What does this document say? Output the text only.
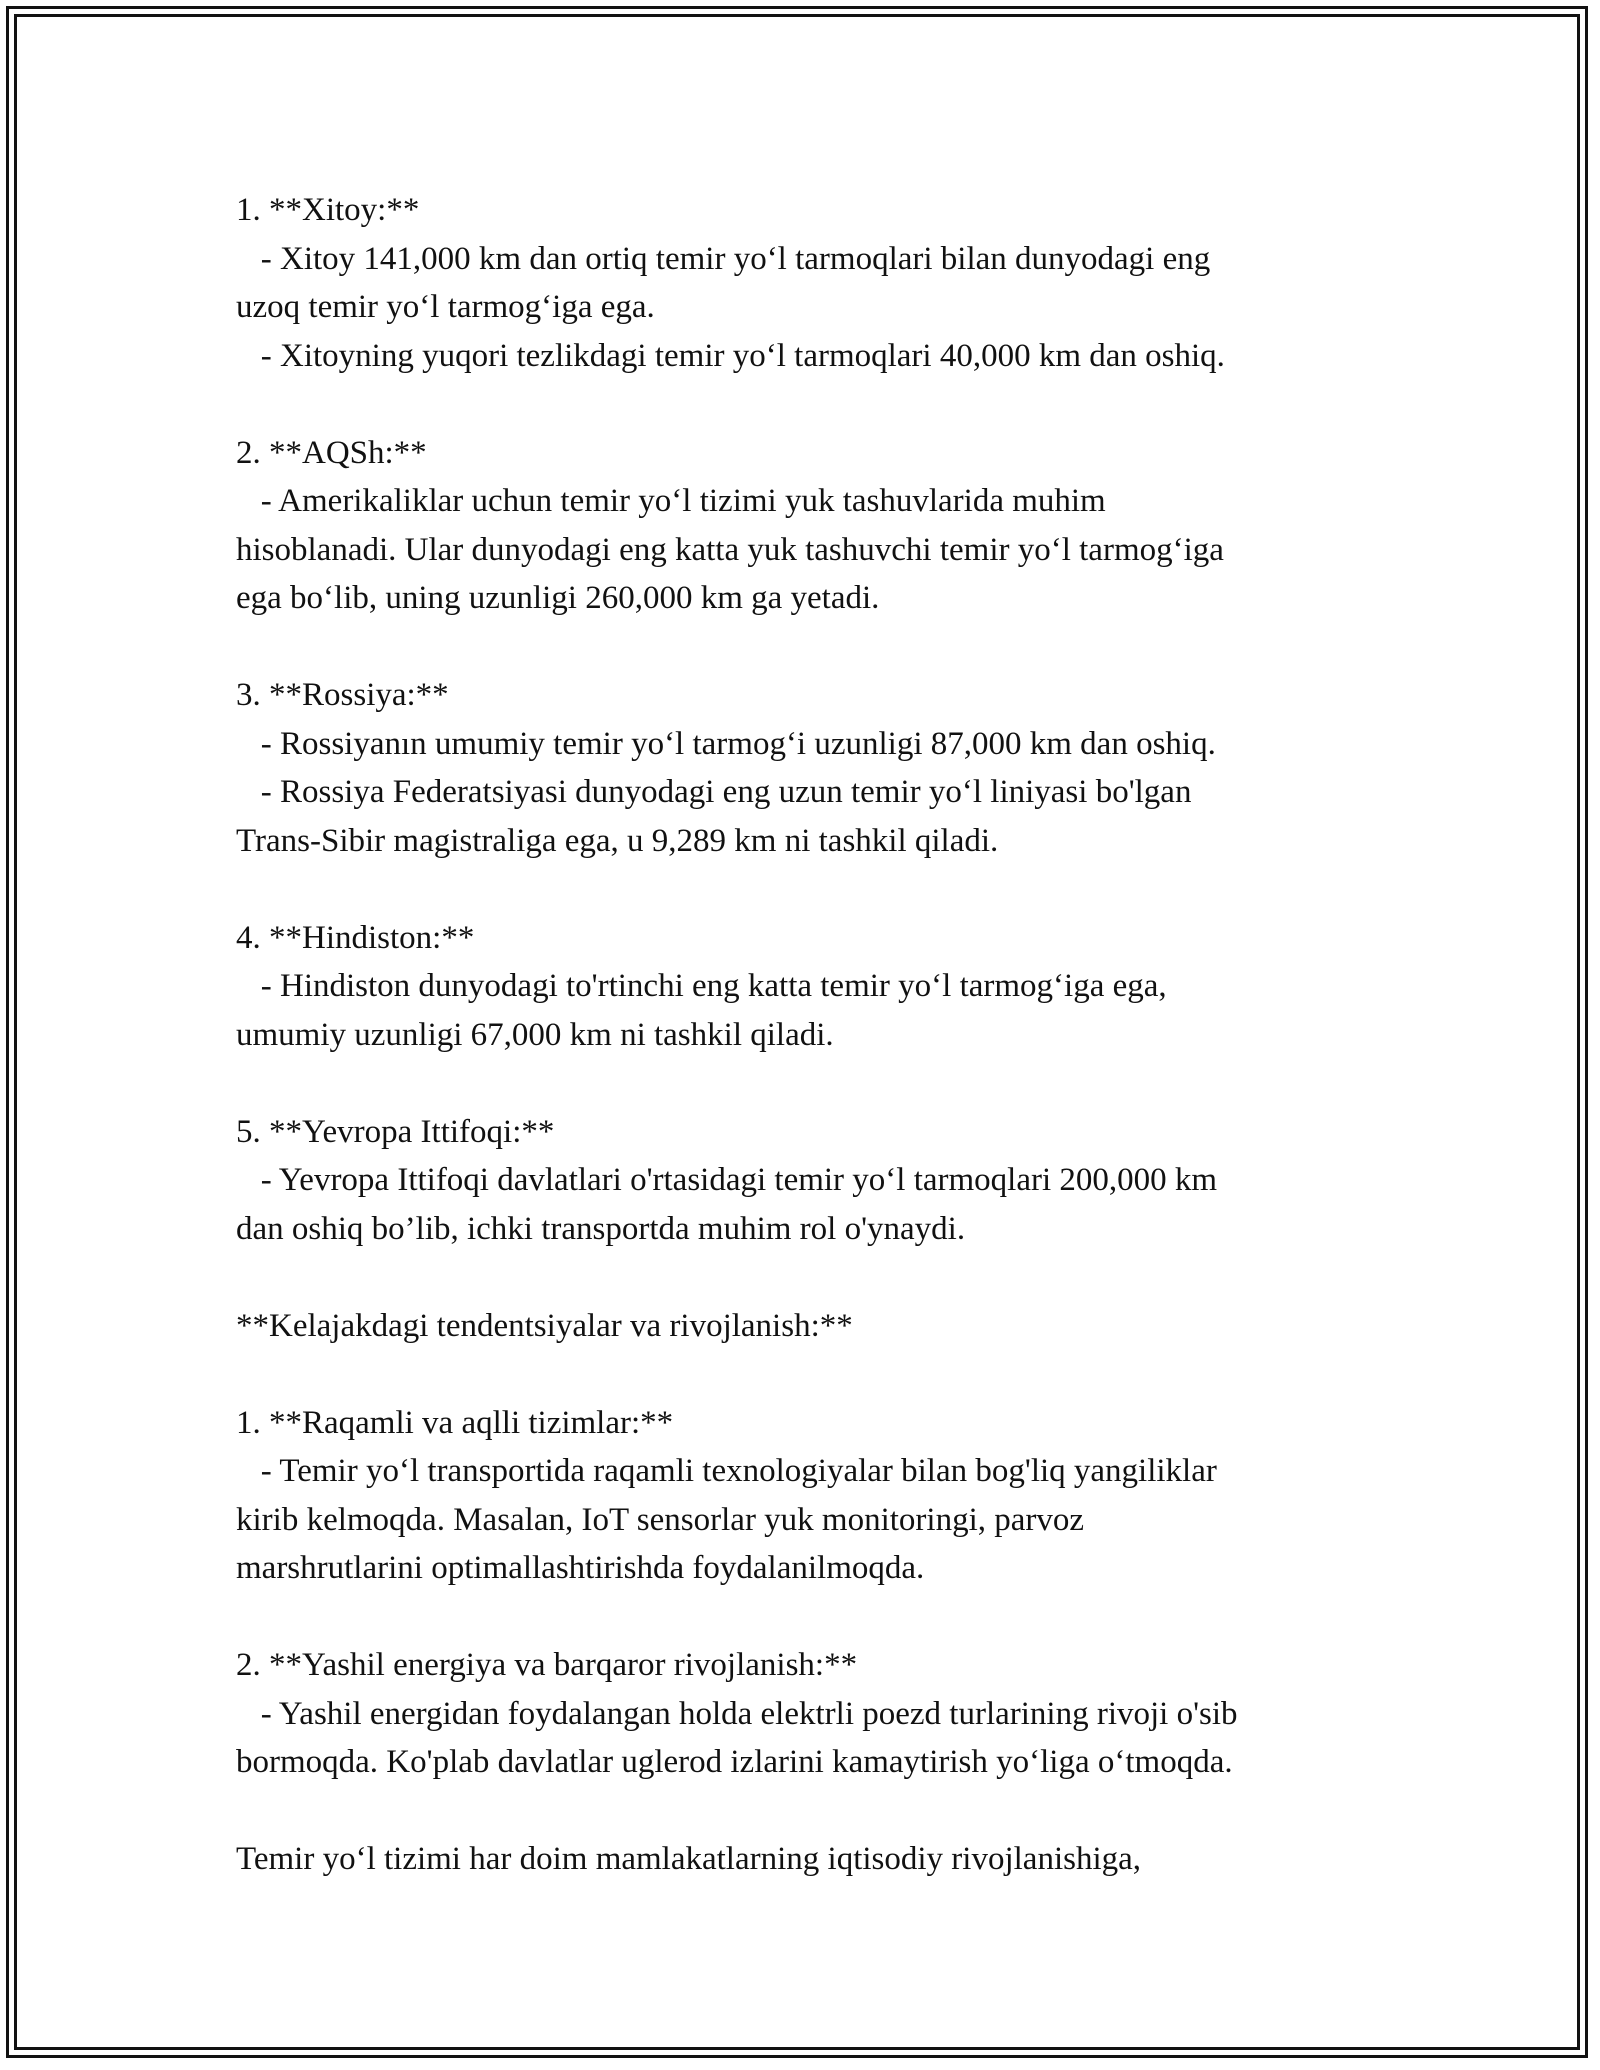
1. **Xitoy:**
- Xitoy 141,000 km dan ortiq temir yo‘l tarmoqlari bilan dunyodagi eng
uzoq temir yo‘l tarmog‘iga ega.
- Xitoyning yuqori tezlikdagi temir yo‘l tarmoqlari 40,000 km dan oshiq.
2. **AQSh:**
- Amerikaliklar uchun temir yo‘l tizimi yuk tashuvlarida muhim
hisoblanadi. Ular dunyodagi eng katta yuk tashuvchi temir yo‘l tarmog‘iga
ega bo‘lib, uning uzunligi 260,000 km ga yetadi.
3. **Rossiya:**
- Rossiyanın umumiy temir yo‘l tarmog‘i uzunligi 87,000 km dan oshiq.
- Rossiya Federatsiyasi dunyodagi eng uzun temir yo‘l liniyasi bo'lgan
Trans-Sibir magistraliga ega, u 9,289 km ni tashkil qiladi.
4. **Hindiston:**
- Hindiston dunyodagi to'rtinchi eng katta temir yo‘l tarmog‘iga ega,
umumiy uzunligi 67,000 km ni tashkil qiladi.
5. **Yevropa Ittifoqi:**
- Yevropa Ittifoqi davlatlari o'rtasidagi temir yo‘l tarmoqlari 200,000 km
dan oshiq bo’lib, ichki transportda muhim rol o'ynaydi.
**Kelajakdagi tendentsiyalar va rivojlanish:**
1. **Raqamli va aqlli tizimlar:**
- Temir yo‘l transportida raqamli texnologiyalar bilan bog'liq yangiliklar
kirib kelmoqda. Masalan, IoT sensorlar yuk monitoringi, parvoz
marshrutlarini optimallashtirishda foydalanilmoqda.
2. **Yashil energiya va barqaror rivojlanish:**
- Yashil energidan foydalangan holda elektrli poezd turlarining rivoji o'sib
bormoqda. Ko'plab davlatlar uglerod izlarini kamaytirish yo‘liga o‘tmoqda.
Temir yo‘l tizimi har doim mamlakatlarning iqtisodiy rivojlanishiga,
